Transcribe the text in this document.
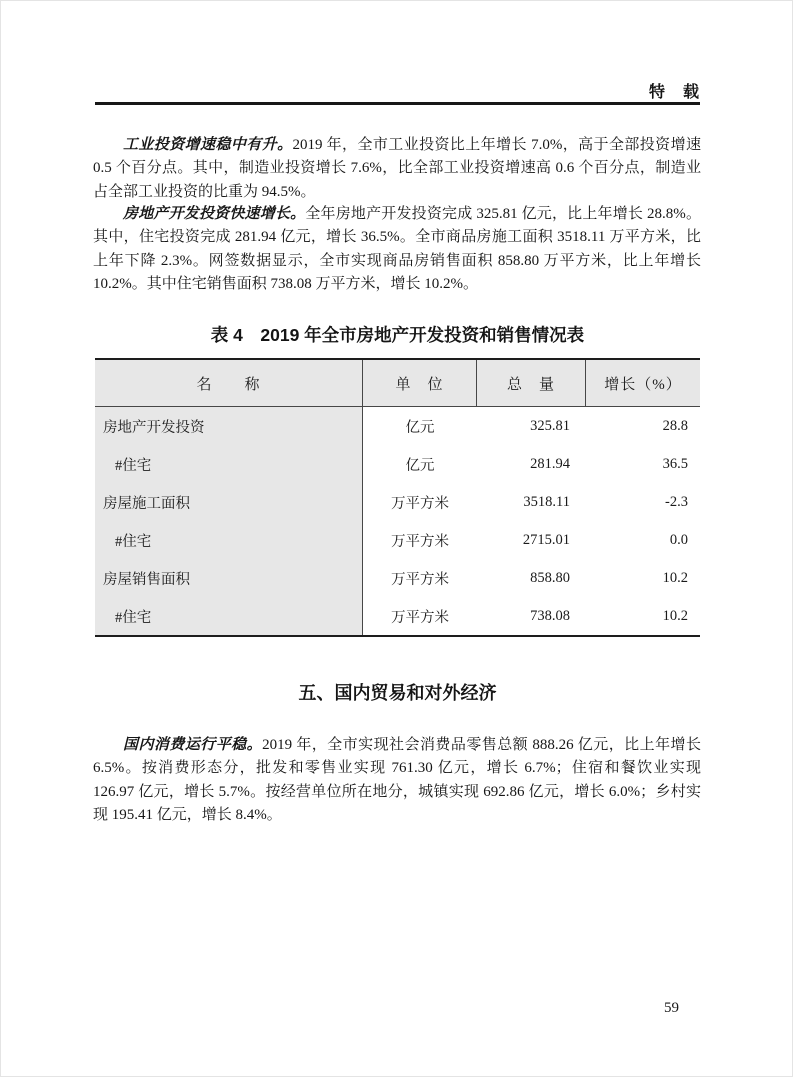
特　载

工业投资增速稳中有升。2019 年，全市工业投资比上年增长 7.0%，高于全部投资增速 0.5 个百分点。其中，制造业投资增长 7.6%，比全部工业投资增速高 0.6 个百分点，制造业占全部工业投资的比重为 94.5%。

房地产开发投资快速增长。全年房地产开发投资完成 325.81 亿元，比上年增长 28.8%。其中，住宅投资完成 281.94 亿元，增长 36.5%。全市商品房施工面积 3518.11 万平方米，比上年下降 2.3%。网签数据显示，全市实现商品房销售面积 858.80 万平方米，比上年增长 10.2%。其中住宅销售面积 738.08 万平方米，增长 10.2%。

表 4　2019 年全市房地产开发投资和销售情况表
名　　称	单　位	总　量	增长（%）
房地产开发投资	亿元	325.81	28.8
#住宅	亿元	281.94	36.5
房屋施工面积	万平方米	3518.11	-2.3
#住宅	万平方米	2715.01	0.0
房屋销售面积	万平方米	858.80	10.2
#住宅	万平方米	738.08	10.2
五、国内贸易和对外经济

国内消费运行平稳。2019 年，全市实现社会消费品零售总额 888.26 亿元，比上年增长 6.5%。按消费形态分，批发和零售业实现 761.30 亿元，增长 6.7%；住宿和餐饮业实现 126.97 亿元，增长 5.7%。按经营单位所在地分，城镇实现 692.86 亿元，增长 6.0%；乡村实现 195.41 亿元，增长 8.4%。

59
